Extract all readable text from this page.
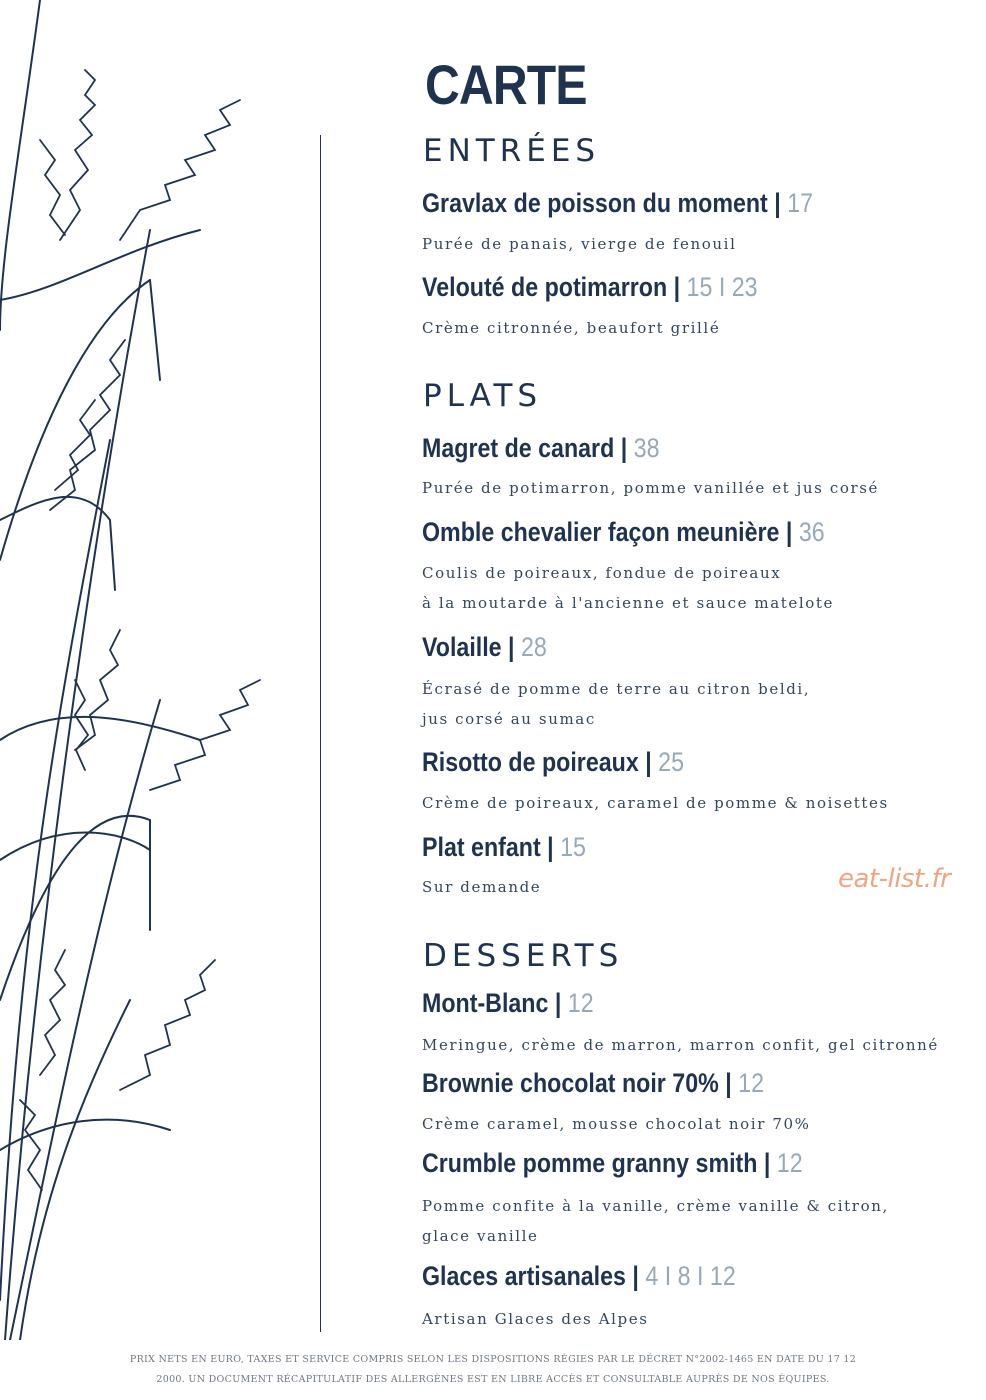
CARTE
ENTRÉES
Gravlax de poisson du moment | 17
Purée de panais, vierge de fenouil
Velouté de potimarron | 15 I 23
Crème citronnée, beaufort grillé
PLATS
Magret de canard | 38
Purée de potimarron, pomme vanillée et jus corsé
Omble chevalier façon meunière | 36
Coulis de poireaux, fondue de poireaux
à la moutarde à l'ancienne et sauce matelote
Volaille | 28
Écrasé de pomme de terre au citron beldi,
jus corsé au sumac
Risotto de poireaux | 25
Crème de poireaux, caramel de pomme & noisettes
Plat enfant | 15
Sur demande	eat-list.fr
DESSERTS
Mont-Blanc | 12
Meringue, crème de marron, marron confit, gel citronné
Brownie chocolat noir 70% | 12
Crème caramel, mousse chocolat noir 70%
Crumble pomme granny smith | 12
Pomme confite à la vanille, crème vanille & citron,
glace vanille
Glaces artisanales | 4 I 8 I 12
Artisan Glaces des Alpes
PRIX NETS EN EURO, TAXES ET SERVICE COMPRIS SELON LES DISPOSITIONS RÉGIES PAR LE DÉCRET N°2002-1465 EN DATE DU 17 12
2000. UN DOCUMENT RÉCAPITULATIF DES ALLERGÈNES EST EN LIBRE ACCÈS ET CONSULTABLE AUPRÈS DE NOS ÉQUIPES.
